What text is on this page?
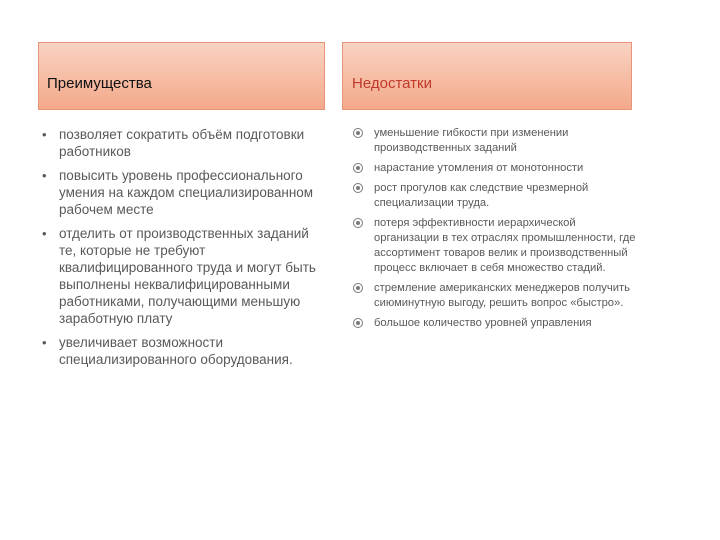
Преимущества	Недостатки
• позволяет сократить объём подготовки работников
• повысить уровень профессионального умения на каждом специализированном рабочем месте
• отделить от производственных заданий те, которые не требуют квалифицированного труда и могут быть выполнены неквалифицированными работниками, получающими меньшую заработную плату
• увеличивает возможности специализированного оборудования.
уменьшение гибкости при изменении производственных заданий
нарастание утомления от монотонности
рост прогулов как следствие чрезмерной специализации труда.
потеря эффективности иерархической организации в тех отраслях промышленности, где ассортимент товаров велик и производственный процесс включает в себя множество стадий.
стремление американских менеджеров получить сиюминутную выгоду, решить вопрос «быстро».
большое количество уровней управления
